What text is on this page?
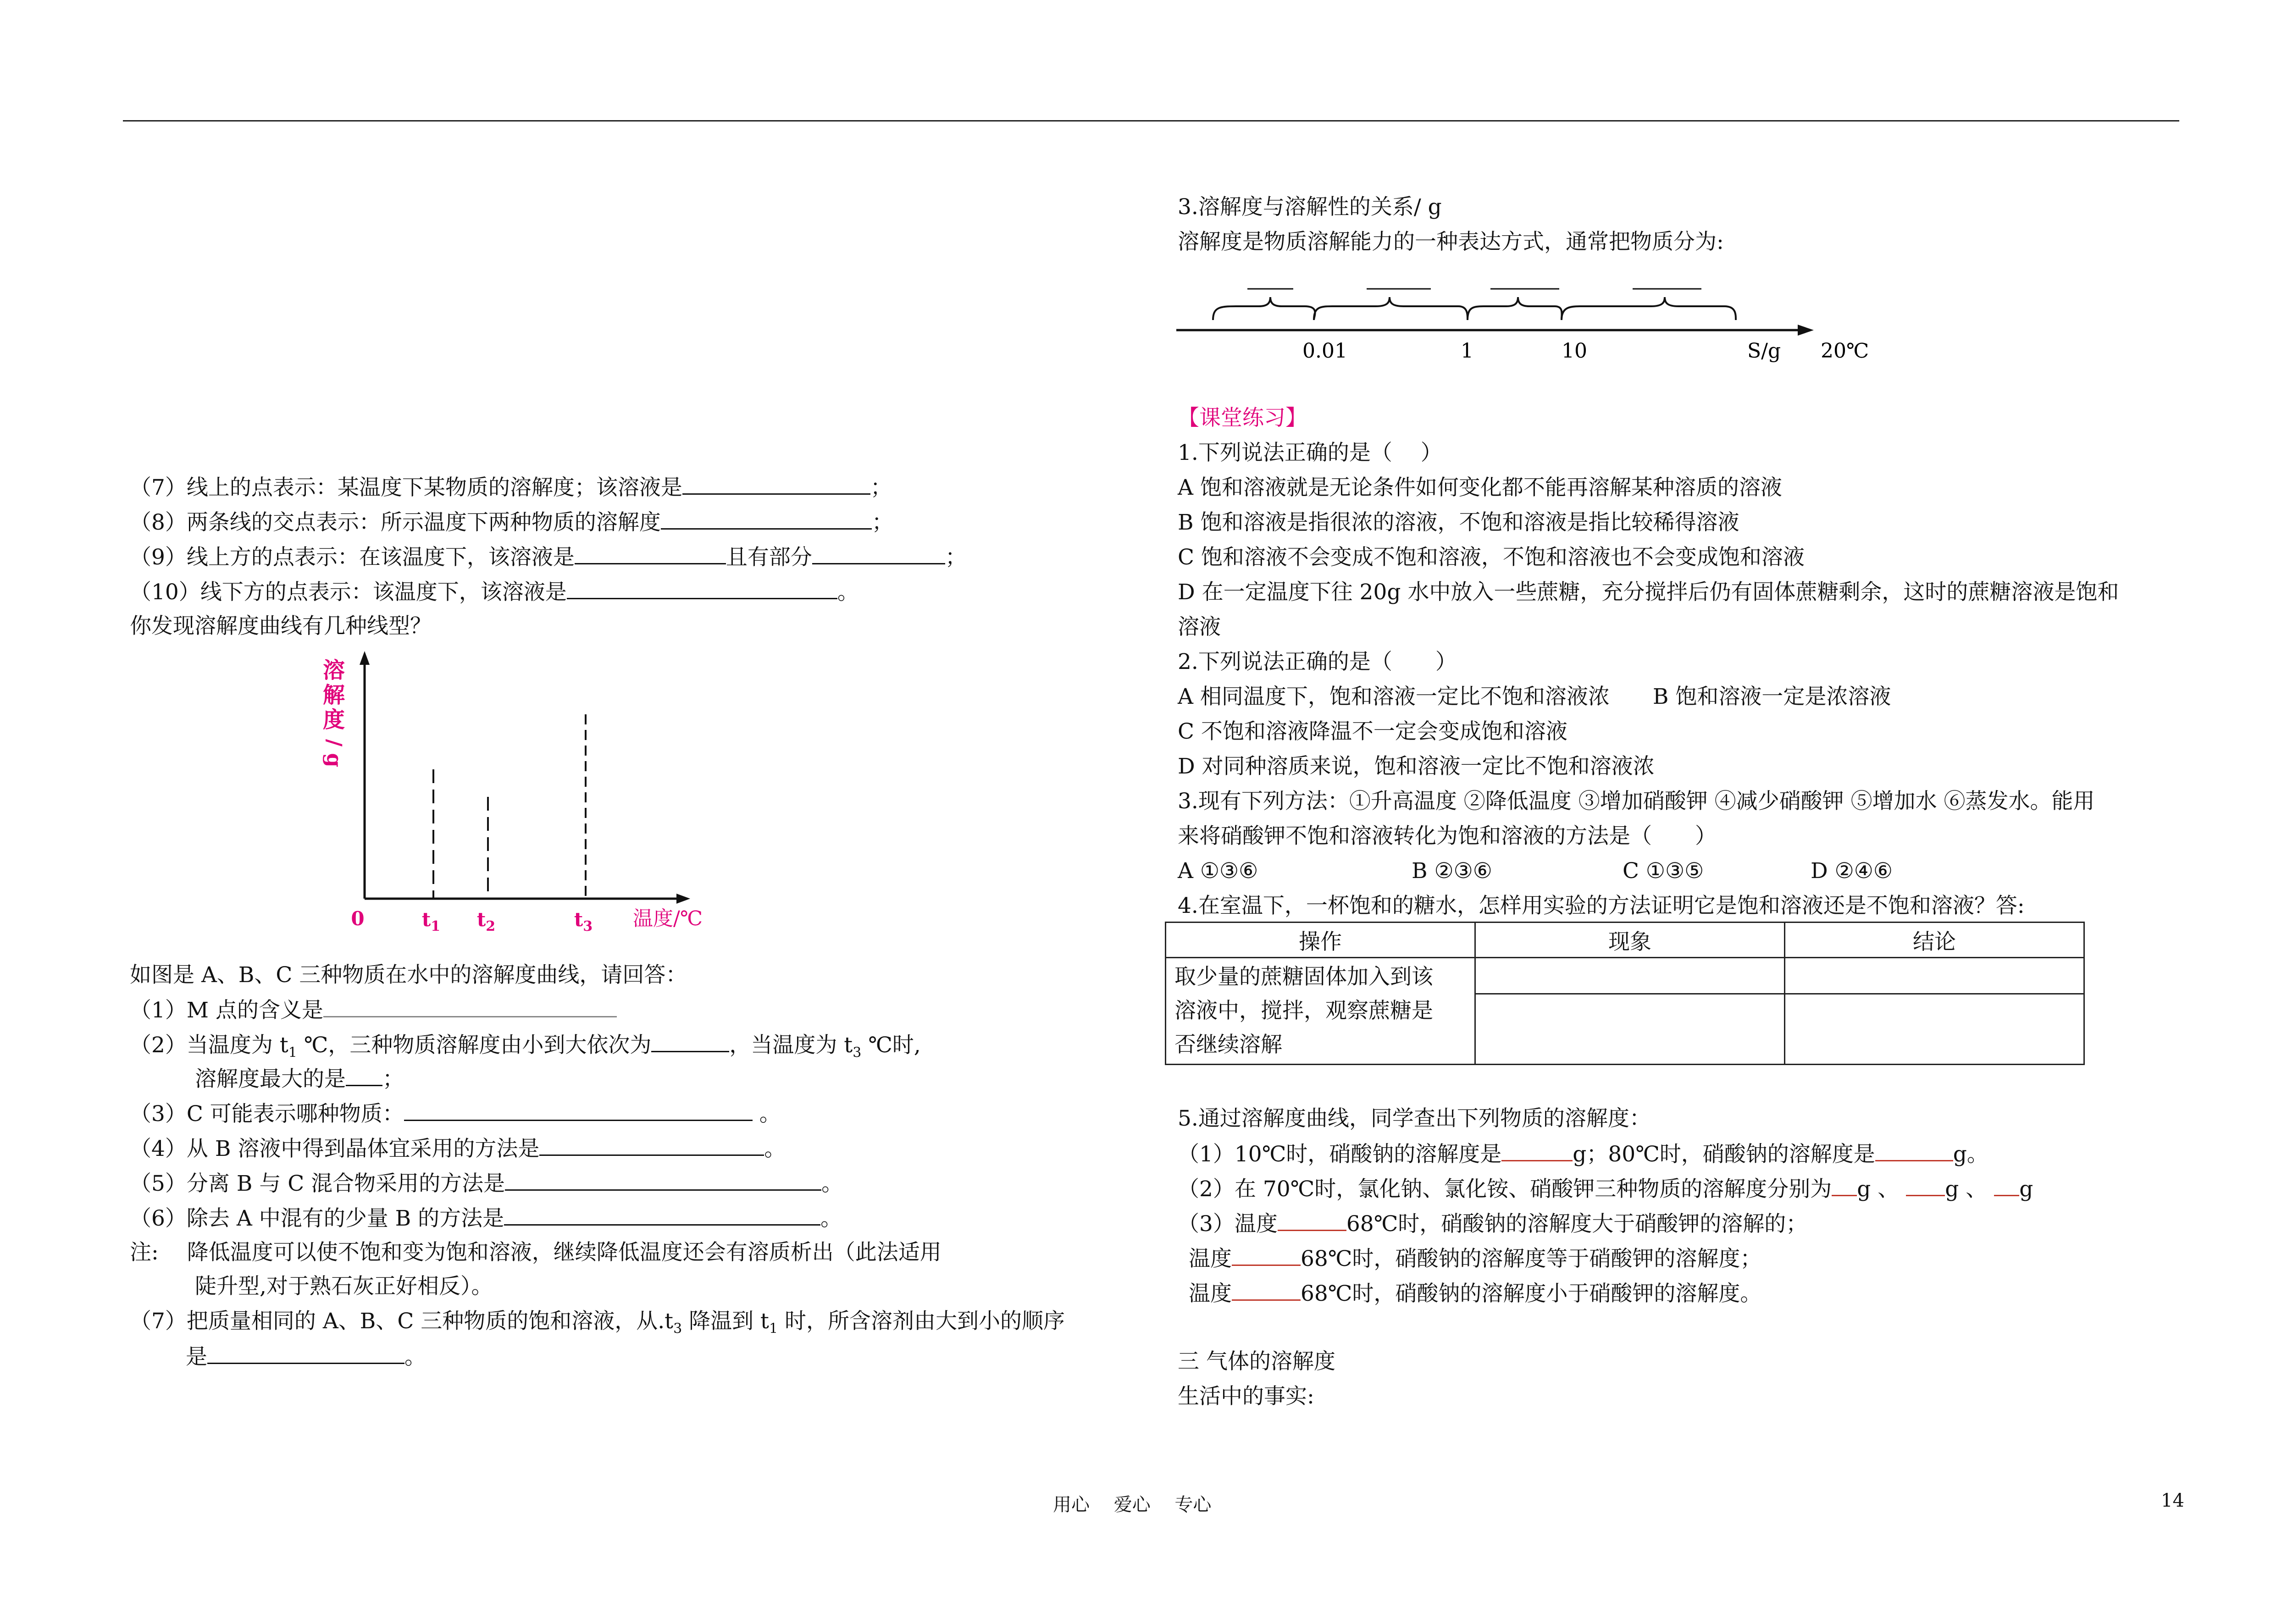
（7）线上的点表示：某温度下某物质的溶解度；该溶液是	；
（8）两条线的交点表示：所示温度下两种物质的溶解度	；
（9）线上方的点表示：在该温度下，该溶液是	且有部分	；
（10）线下方的点表示：该温度下，该溶液是	。
你发现溶解度曲线有几种线型？
溶
解
度
/
g
0	$t_1$ $t_2$	$t_3$ 温度/℃
如图是 A、B、C 三种物质在水中的溶解度曲线，请回答：
（1）M 点的含义是
（2）当温度为 $t_1$ ℃，三种物质溶解度由小到大依次为	，当温度为 $t_3$ ℃时,
溶解度最大的是 ；
（3）C 可能表示哪种物质：	。
（4）从 B 溶液中得到晶体宜采用的方法是	。
（5）分离 B 与 C 混合物采用的方法是	。
（6）除去 A 中混有的少量 B 的方法是	。
注:　 降低温度可以使不饱和变为饱和溶液，继续降低温度还会有溶质析出（此法适用
陡升型,对于熟石灰正好相反）。
（7）把质量相同的 A、B、C 三种物质的饱和溶液，从$.t_3$ 降温到 $t_1$ 时，所含溶剂由大到小的顺序
是	。
3.溶解度与溶解性的关系/ g
溶解度是物质溶解能力的一种表达方式，通常把物质分为:
0.01	1	10	S/g 20℃
【课堂练习】
1.下列说法正确的是（　 ）
A 饱和溶液就是无论条件如何变化都不能再溶解某种溶质的溶液
B 饱和溶液是指很浓的溶液，不饱和溶液是指比较稀得溶液
C 饱和溶液不会变成不饱和溶液，不饱和溶液也不会变成饱和溶液
D 在一定温度下往 20g 水中放入一些蔗糖，充分搅拌后仍有固体蔗糖剩余，这时的蔗糖溶液是饱和
溶液
2.下列说法正确的是（　　）
A 相同温度下，饱和溶液一定比不饱和溶液浓　　B 饱和溶液一定是浓溶液
C 不饱和溶液降温不一定会变成饱和溶液
D 对同种溶质来说，饱和溶液一定比不饱和溶液浓
3.现有下列方法：①升高温度 ②降低温度 ③增加硝酸钾 ④减少硝酸钾 ⑤增加水 ⑥蒸发水。能用
来将硝酸钾不饱和溶液转化为饱和溶液的方法是（　　）
A ①③⑥	B ②③⑥	C ①③⑤	D ②④⑥
4.在室温下，一杯饱和的糖水，怎样用实验的方法证明它是饱和溶液还是不饱和溶液？答:
操作	现象	结论

取少量的蔗糖固体加入到该
溶液中，搅拌，观察蔗糖是
否继续溶解		

5.通过溶解度曲线，同学查出下列物质的溶解度：
（1）10℃时，硝酸钠的溶解度是	g；80℃时，硝酸钠的溶解度是	g。
（2）在 70℃时，氯化钠、氯化铵、硝酸钾三种物质的溶解度分别为 g 、 g 、 g
（3）温度	68℃时，硝酸钠的溶解度大于硝酸钾的溶解的；
温度	68℃时，硝酸钠的溶解度等于硝酸钾的溶解度；
温度	68℃时，硝酸钠的溶解度小于硝酸钾的溶解度。
三 气体的溶解度
生活中的事实:
用心　 爱心　 专心	14
